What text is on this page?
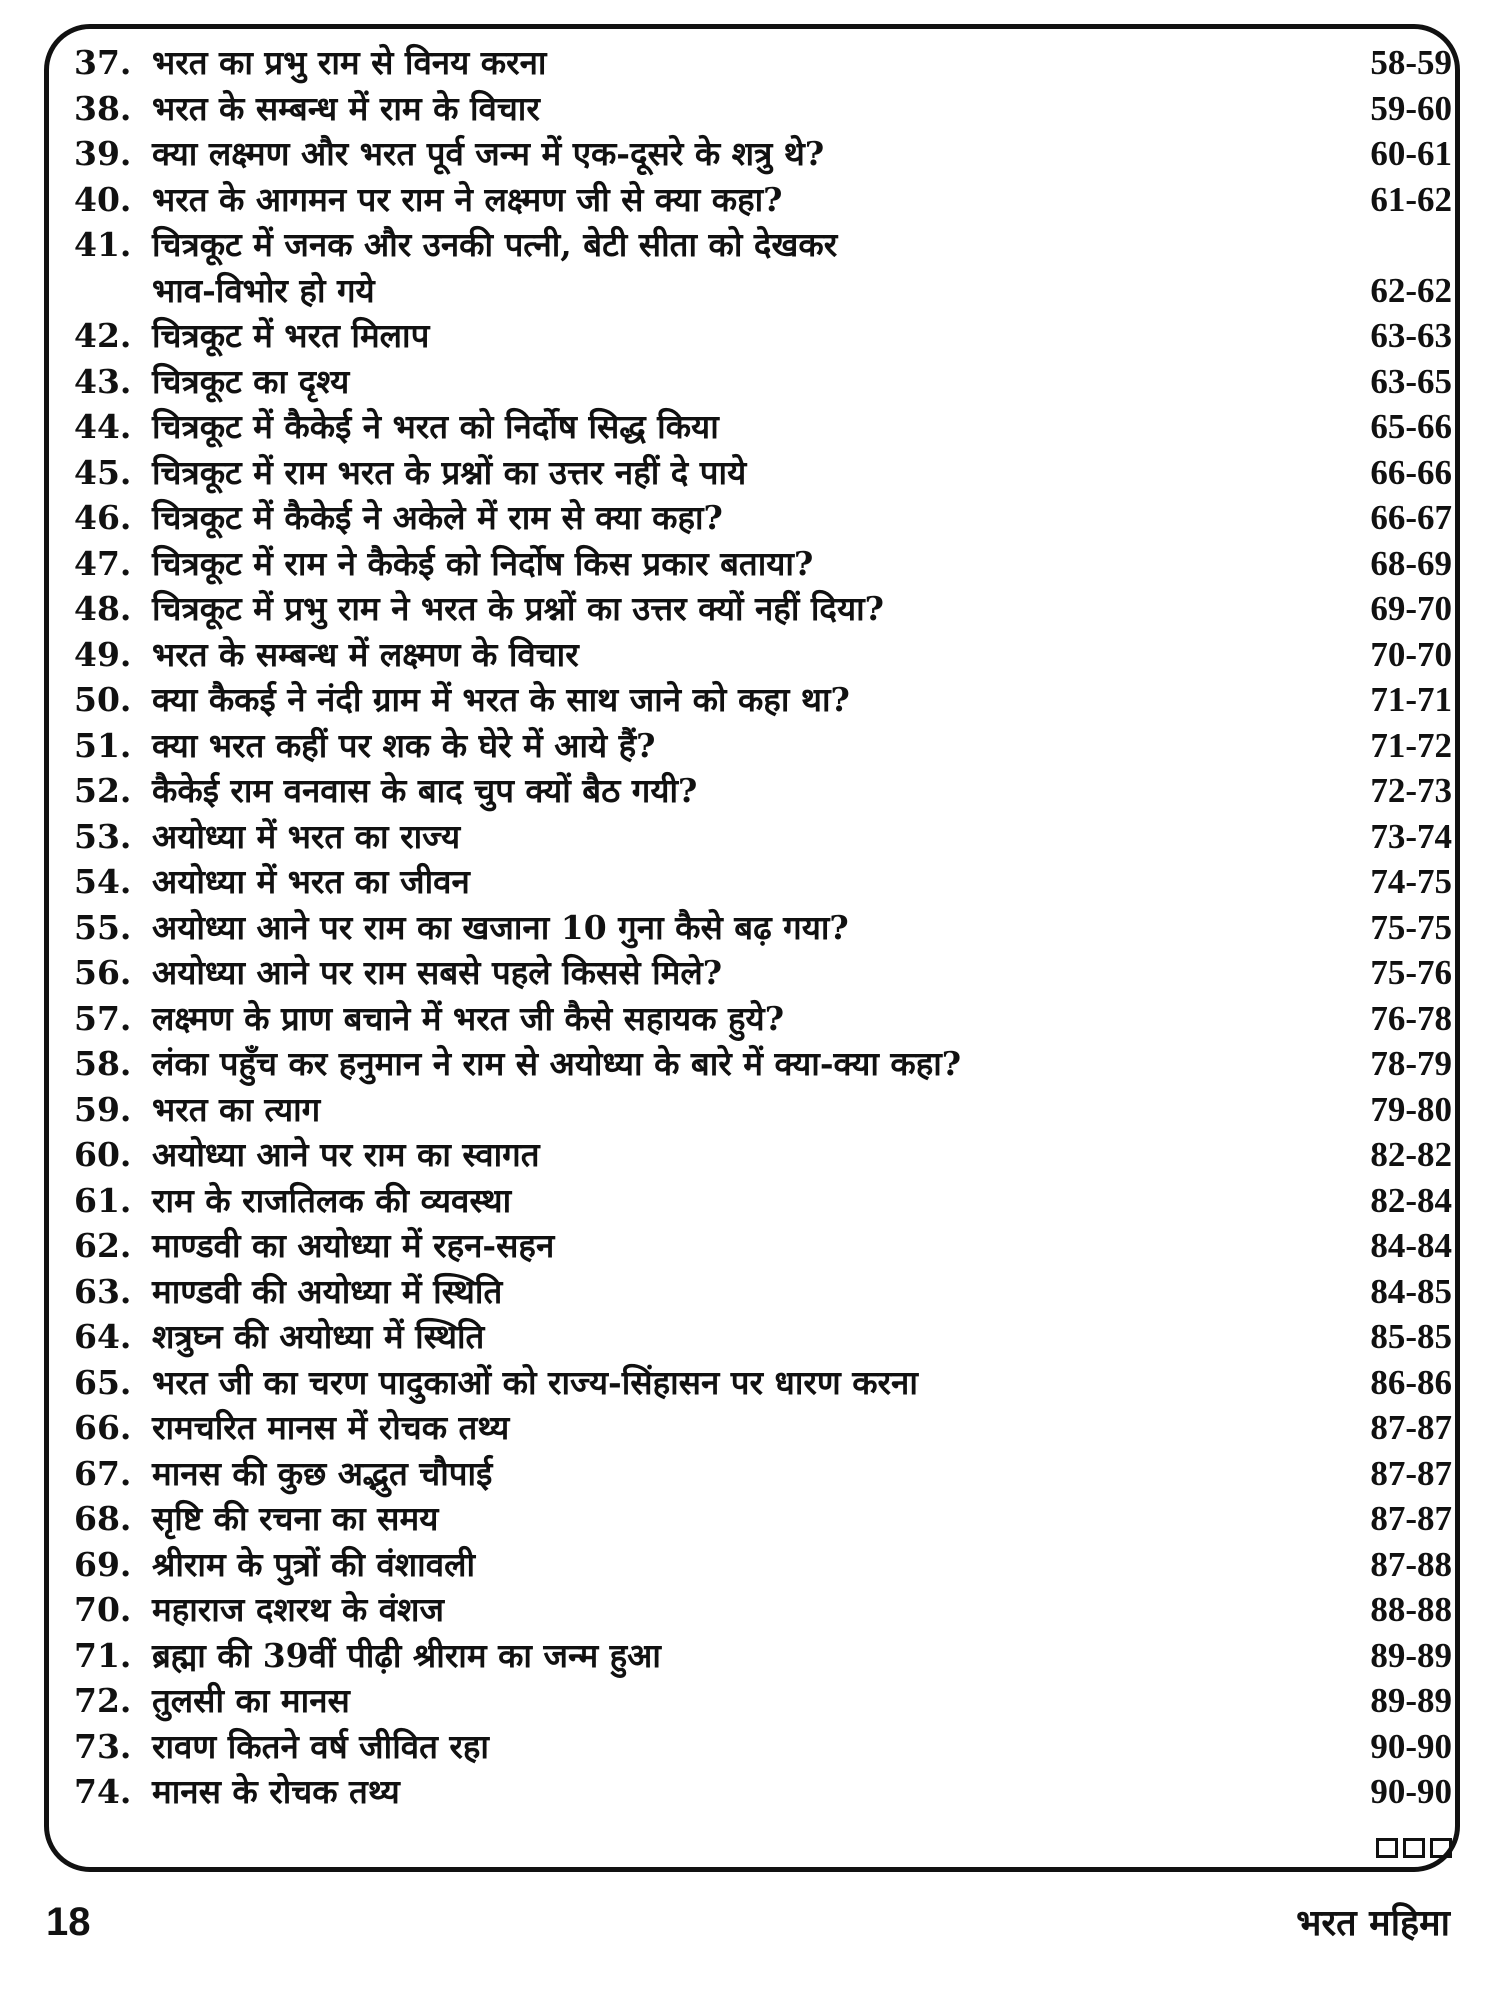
37. भरत का प्रभु राम से विनय करना	58-59
38. भरत के सम्बन्ध में राम के विचार	59-60
39. क्या लक्ष्मण और भरत पूर्व जन्म में एक-दूसरे के शत्रु थे?	60-61
40. भरत के आगमन पर राम ने लक्ष्मण जी से क्या कहा?	61-62
41. चित्रकूट में जनक और उनकी पत्नी, बेटी सीता को देखकर
भाव-विभोर हो गये	62-62
42. चित्रकूट में भरत मिलाप	63-63
43. चित्रकूट का दृश्य	63-65
44. चित्रकूट में कैकेई ने भरत को निर्दोष सिद्ध किया	65-66
45. चित्रकूट में राम भरत के प्रश्नों का उत्तर नहीं दे पाये	66-66
46. चित्रकूट में कैकेई ने अकेले में राम से क्या कहा?	66-67
47. चित्रकूट में राम ने कैकेई को निर्दोष किस प्रकार बताया?	68-69
48. चित्रकूट में प्रभु राम ने भरत के प्रश्नों का उत्तर क्यों नहीं दिया?	69-70
49. भरत के सम्बन्ध में लक्ष्मण के विचार	70-70
50. क्या कैकई ने नंदी ग्राम में भरत के साथ जाने को कहा था?	71-71
51. क्या भरत कहीं पर शक के घेरे में आये हैं?	71-72
52. कैकेई राम वनवास के बाद चुप क्यों बैठ गयी?	72-73
53. अयोध्या में भरत का राज्य	73-74
54. अयोध्या में भरत का जीवन	74-75
55. अयोध्या आने पर राम का खजाना 10 गुना कैसे बढ़ गया?	75-75
56. अयोध्या आने पर राम सबसे पहले किससे मिले?	75-76
57. लक्ष्मण के प्राण बचाने में भरत जी कैसे सहायक हुये?	76-78
58. लंका पहुँच कर हनुमान ने राम से अयोध्या के बारे में क्या-क्या कहा?	78-79
59. भरत का त्याग	79-80
60. अयोध्या आने पर राम का स्वागत	82-82
61. राम के राजतिलक की व्यवस्था	82-84
62. माण्डवी का अयोध्या में रहन-सहन	84-84
63. माण्डवी की अयोध्या में स्थिति	84-85
64. शत्रुघ्न की अयोध्या में स्थिति	85-85
65. भरत जी का चरण पादुकाओं को राज्य-सिंहासन पर धारण करना	86-86
66. रामचरित मानस में रोचक तथ्य	87-87
67. मानस की कुछ अद्भुत चौपाई	87-87
68. सृष्टि की रचना का समय	87-87
69. श्रीराम के पुत्रों की वंशावली	87-88
70. महाराज दशरथ के वंशज	88-88
71. ब्रह्मा की 39वीं पीढ़ी श्रीराम का जन्म हुआ	89-89
72. तुलसी का मानस	89-89
73. रावण कितने वर्ष जीवित रहा	90-90
74. मानस के रोचक तथ्य	90-90
18	भरत महिमा
